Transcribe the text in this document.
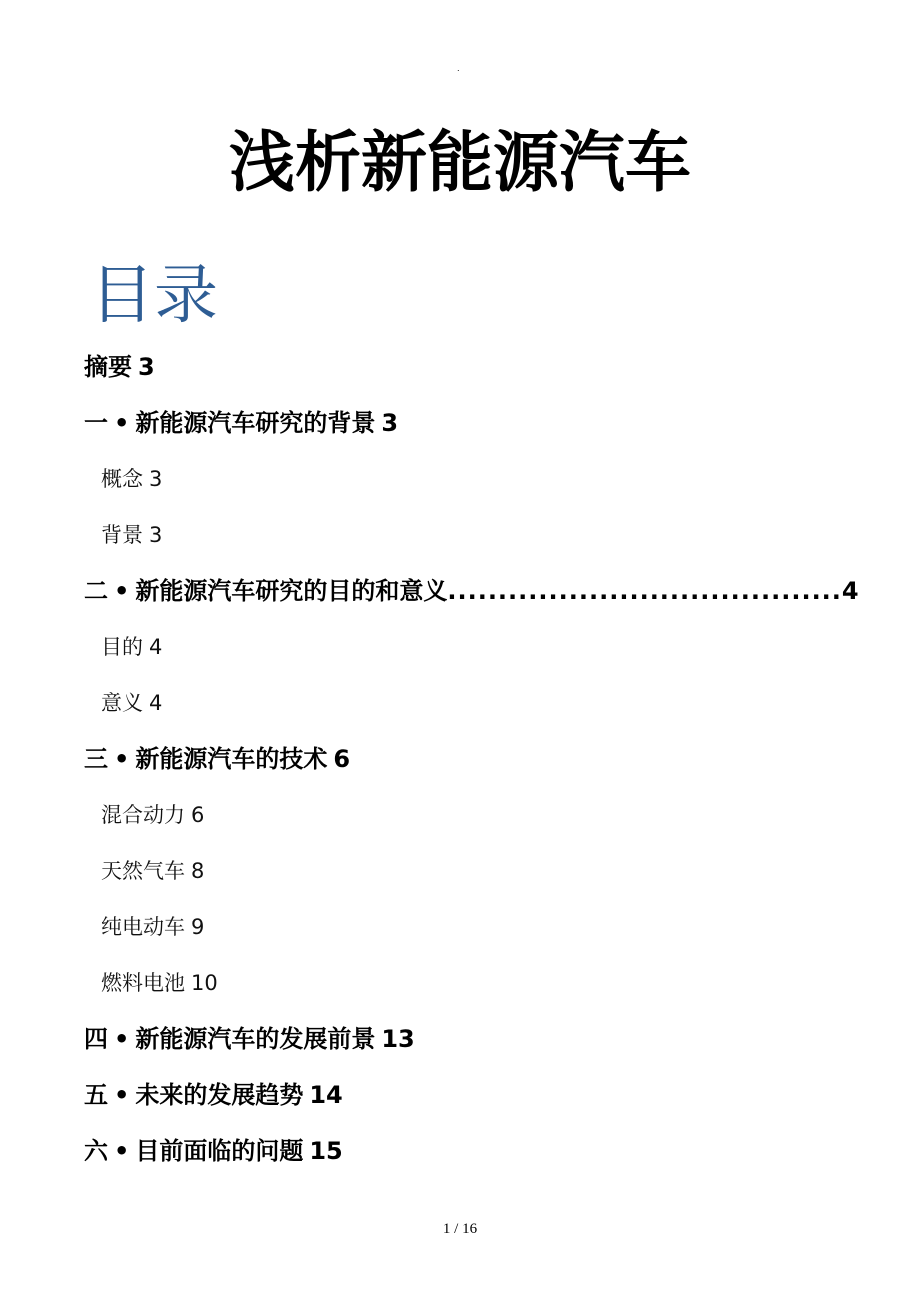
.
浅析新能源汽车
目录
摘要 3
一 • 新能源汽车研究的背景 3
概念 3
背景 3
二 • 新能源汽车研究的目的和意义 ....................................... 4
目的 4
意义 4
三 • 新能源汽车的技术 6
混合动力 6
天然气车 8
纯电动车 9
燃料电池 10
四 • 新能源汽车的发展前景 13
五 • 未来的发展趋势 14
六 • 目前面临的问题 15
1 / 16
